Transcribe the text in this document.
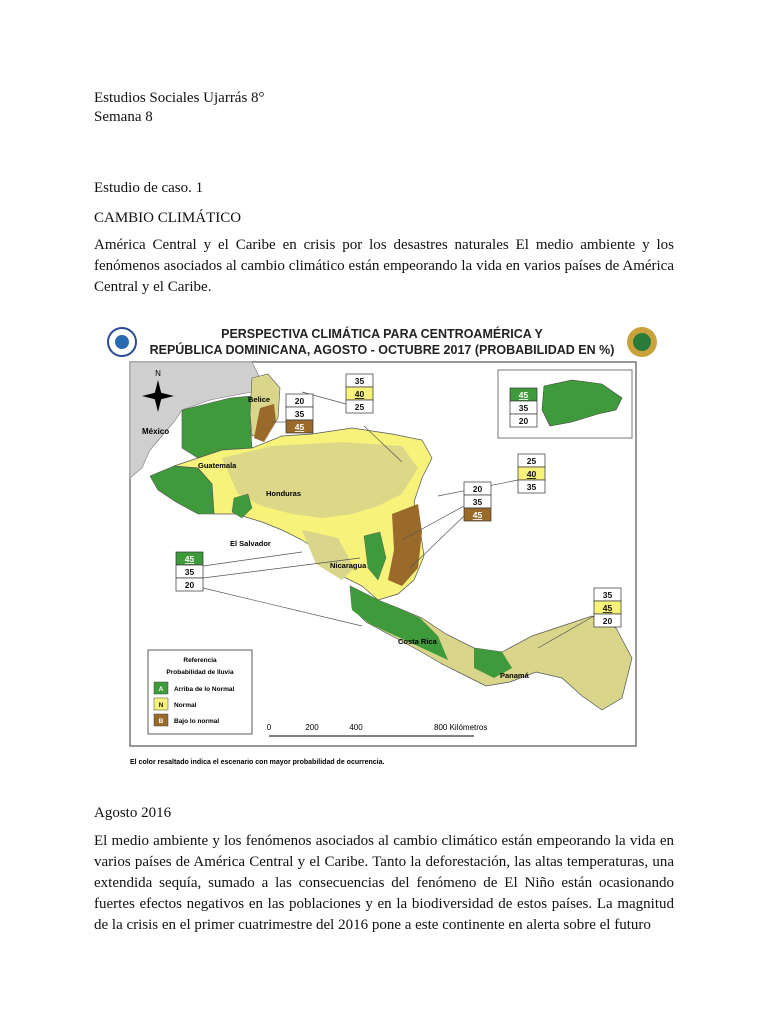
Estudios Sociales Ujarrás 8°
Semana 8
Estudio de caso. 1
CAMBIO CLIMÁTICO
América Central y el Caribe en crisis por los desastres naturales El medio ambiente y los fenómenos asociados al cambio climático están empeorando la vida en varios países de América Central y el Caribe.
PERSPECTIVA CLIMÁTICA PARA CENTROAMÉRICA Y
REPÚBLICA DOMINICANA, AGOSTO - OCTUBRE 2017 (PROBABILIDAD EN %)
N
México
Belice
Guatemala
Honduras
El Salvador
Nicaragua
Costa Rica
Panamá
20
35
45
35
40
25
45
35
20
25
40
35
20
35
45
45
35
20
35
45
20
Referencia
Probabilidad de lluvia
A Arriba de lo Normal
N Normal
B Bajo lo normal
0	200	400	800 Kilómetros
El color resaltado indica el escenario con mayor probabilidad de ocurrencia.
Agosto 2016
El medio ambiente y los fenómenos asociados al cambio climático están empeorando la vida en varios países de América Central y el Caribe. Tanto la deforestación, las altas temperaturas, una extendida sequía, sumado a las consecuencias del fenómeno de El Niño están ocasionando fuertes efectos negativos en las poblaciones y en la biodiversidad de estos países. La magnitud de la crisis en el primer cuatrimestre del 2016 pone a este continente en alerta sobre el futuro
